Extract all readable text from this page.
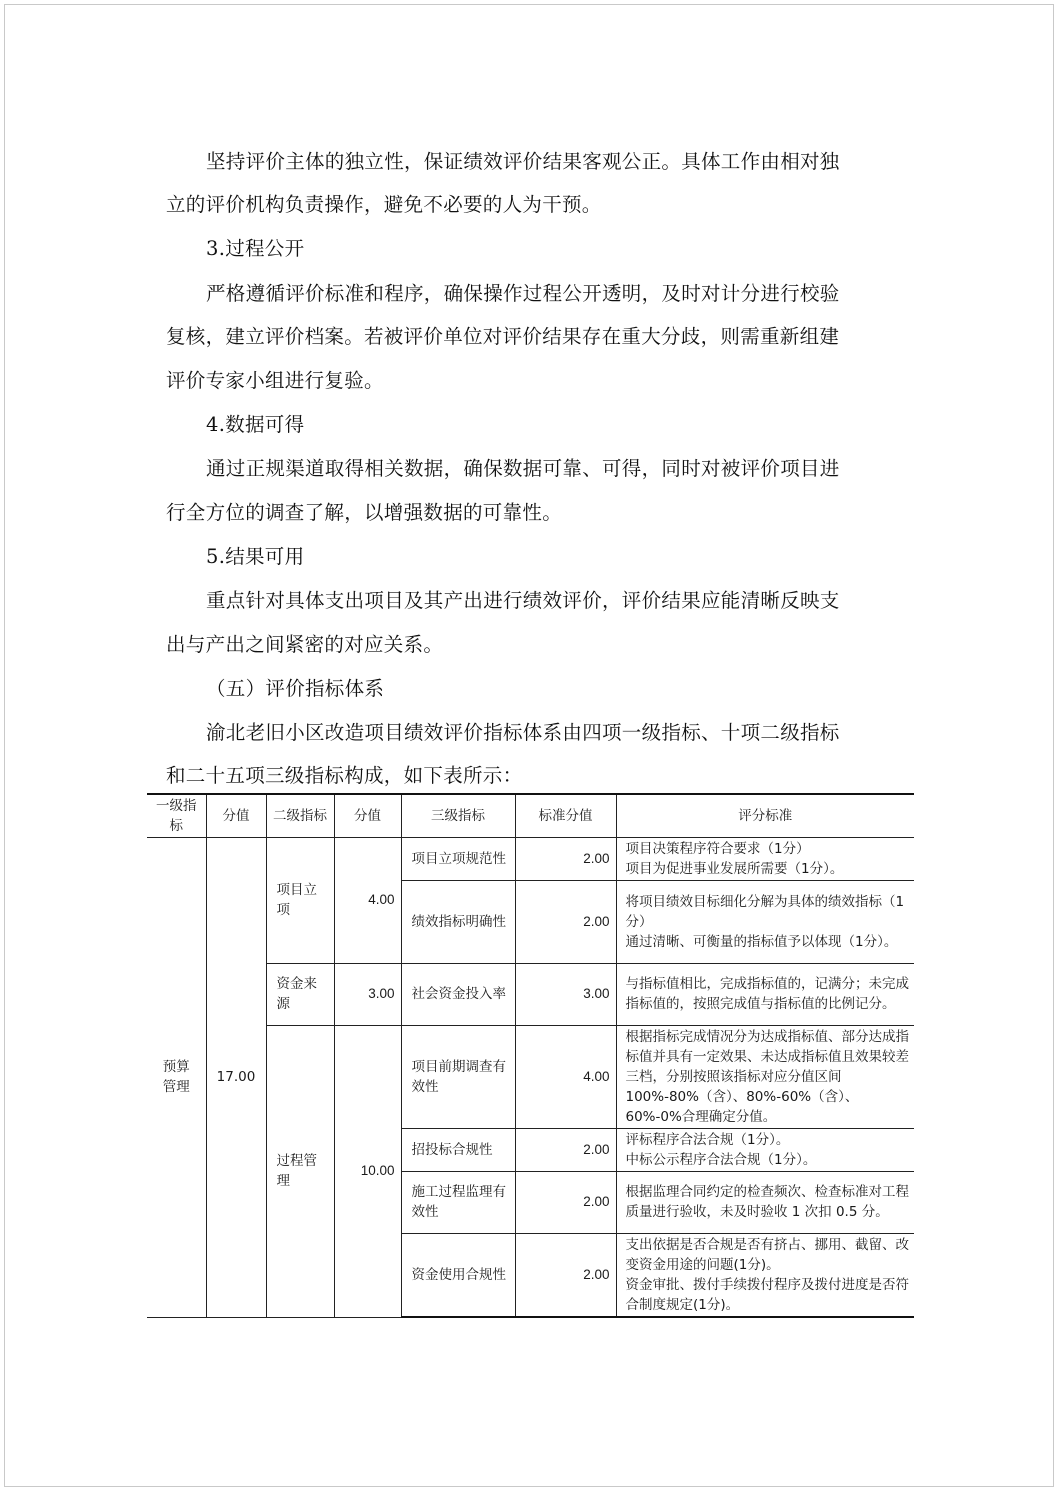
坚持评价主体的独立性，保证绩效评价结果客观公正。具体工作由相对独
立的评价机构负责操作，避免不必要的人为干预。
3.过程公开
严格遵循评价标准和程序，确保操作过程公开透明，及时对计分进行校验
复核，建立评价档案。若被评价单位对评价结果存在重大分歧，则需重新组建
评价专家小组进行复验。
4.数据可得
通过正规渠道取得相关数据，确保数据可靠、可得，同时对被评价项目进
行全方位的调查了解，以增强数据的可靠性。
5.结果可用
重点针对具体支出项目及其产出进行绩效评价，评价结果应能清晰反映支
出与产出之间紧密的对应关系。
（五）评价指标体系
渝北老旧小区改造项目绩效评价指标体系由四项一级指标、十项二级指标
和二十五项三级指标构成，如下表所示：
一级指标	分值	二级指标	分值	三级指标	标准分值	评分标准
预算管理	17.00	项目立项	4.00	项目立项规范性	2.00	项目决策程序符合要求（1分）
项目为促进事业发展所需要（1分）。

				绩效指标明确性	2.00	将项目绩效目标细化分解为具体的绩效指标（1分）
通过清晰、可衡量的指标值予以体现（1分）。

		资金来源	3.00	社会资金投入率	3.00	与指标值相比，完成指标值的，记满分；未完成指标值的，按照完成值与指标值的比例记分。

		过程管理	10.00	项目前期调查有效性	4.00	根据指标完成情况分为达成指标值、部分达成指标值并具有一定效果、未达成指标值且效果较差三档，分别按照该指标对应分值区间 100%-80%（含）、80%-60%（含）、60%-0%合理确定分值。

				招投标合规性	2.00	评标程序合法合规（1分）。
中标公示程序合法合规（1分）。

				施工过程监理有效性	2.00	根据监理合同约定的检查频次、检查标准对工程质量进行验收，未及时验收 1 次扣 0.5 分。

				资金使用合规性	2.00	支出依据是否合规是否有挤占、挪用、截留、改变资金用途的问题(1分)。
资金审批、拨付手续拨付程序及拨付进度是否符合制度规定(1分)。
